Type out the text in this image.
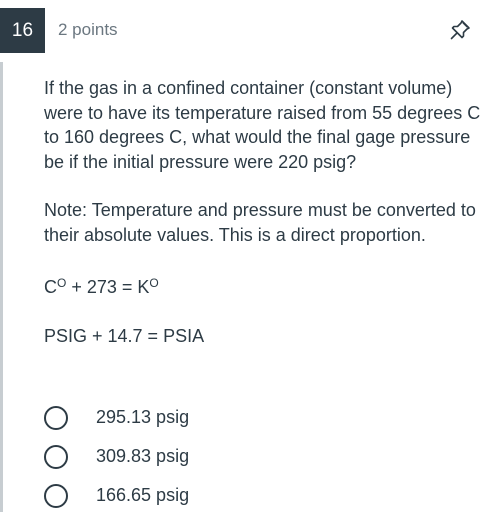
16	2 points

If the gas in a confined container (constant volume) were to have its temperature raised from 55 degrees C to 160 degrees C, what would the final gage pressure be if the initial pressure were 220 psig?

Note: Temperature and pressure must be converted to their absolute values. This is a direct proportion.

$C^O + 273 = K^O$

PSIG + 14.7 = PSIA

295.13 psig
309.83 psig
166.65 psig
